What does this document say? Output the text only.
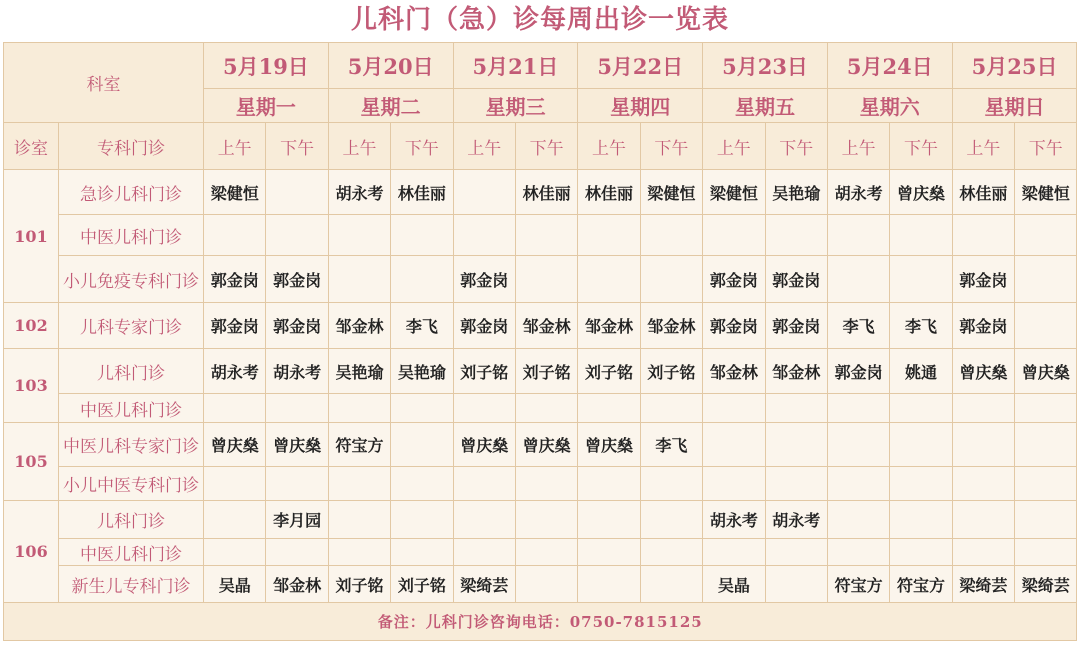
儿科门（急）诊每周出诊一览表
科室		5月19日		5月20日		5月21日		5月22日		5月23日		5月24日		5月25日	
		星期一		星期二		星期三		星期四		星期五		星期六		星期日	
诊室	专科门诊	上午	下午	上午	下午	上午	下午	上午	下午	上午	下午	上午	下午	上午	下午
101	急诊儿科门诊	梁健恒		胡永考	林佳丽		林佳丽	林佳丽	梁健恒	梁健恒	吴艳瑜	胡永考	曾庆燊	林佳丽	梁健恒
	中医儿科门诊														
	小儿免疫专科门诊	郭金岗	郭金岗			郭金岗				郭金岗	郭金岗			郭金岗	
102	儿科专家门诊	郭金岗	郭金岗	邹金林	李飞	郭金岗	邹金林	邹金林	邹金林	郭金岗	郭金岗	李飞	李飞	郭金岗	
103	儿科门诊	胡永考	胡永考	吴艳瑜	吴艳瑜	刘子铭	刘子铭	刘子铭	刘子铭	邹金林	邹金林	郭金岗	姚通	曾庆燊	曾庆燊
	中医儿科门诊														
105	中医儿科专家门诊	曾庆燊	曾庆燊	符宝方		曾庆燊	曾庆燊	曾庆燊	李飞						
	小儿中医专科门诊														
106	儿科门诊		李月园							胡永考	胡永考				
	中医儿科门诊														
	新生儿专科门诊	吴晶	邹金林	刘子铭	刘子铭	梁绮芸				吴晶		符宝方	符宝方	梁绮芸	梁绮芸
备注：儿科门诊咨询电话：0750-7815125															
